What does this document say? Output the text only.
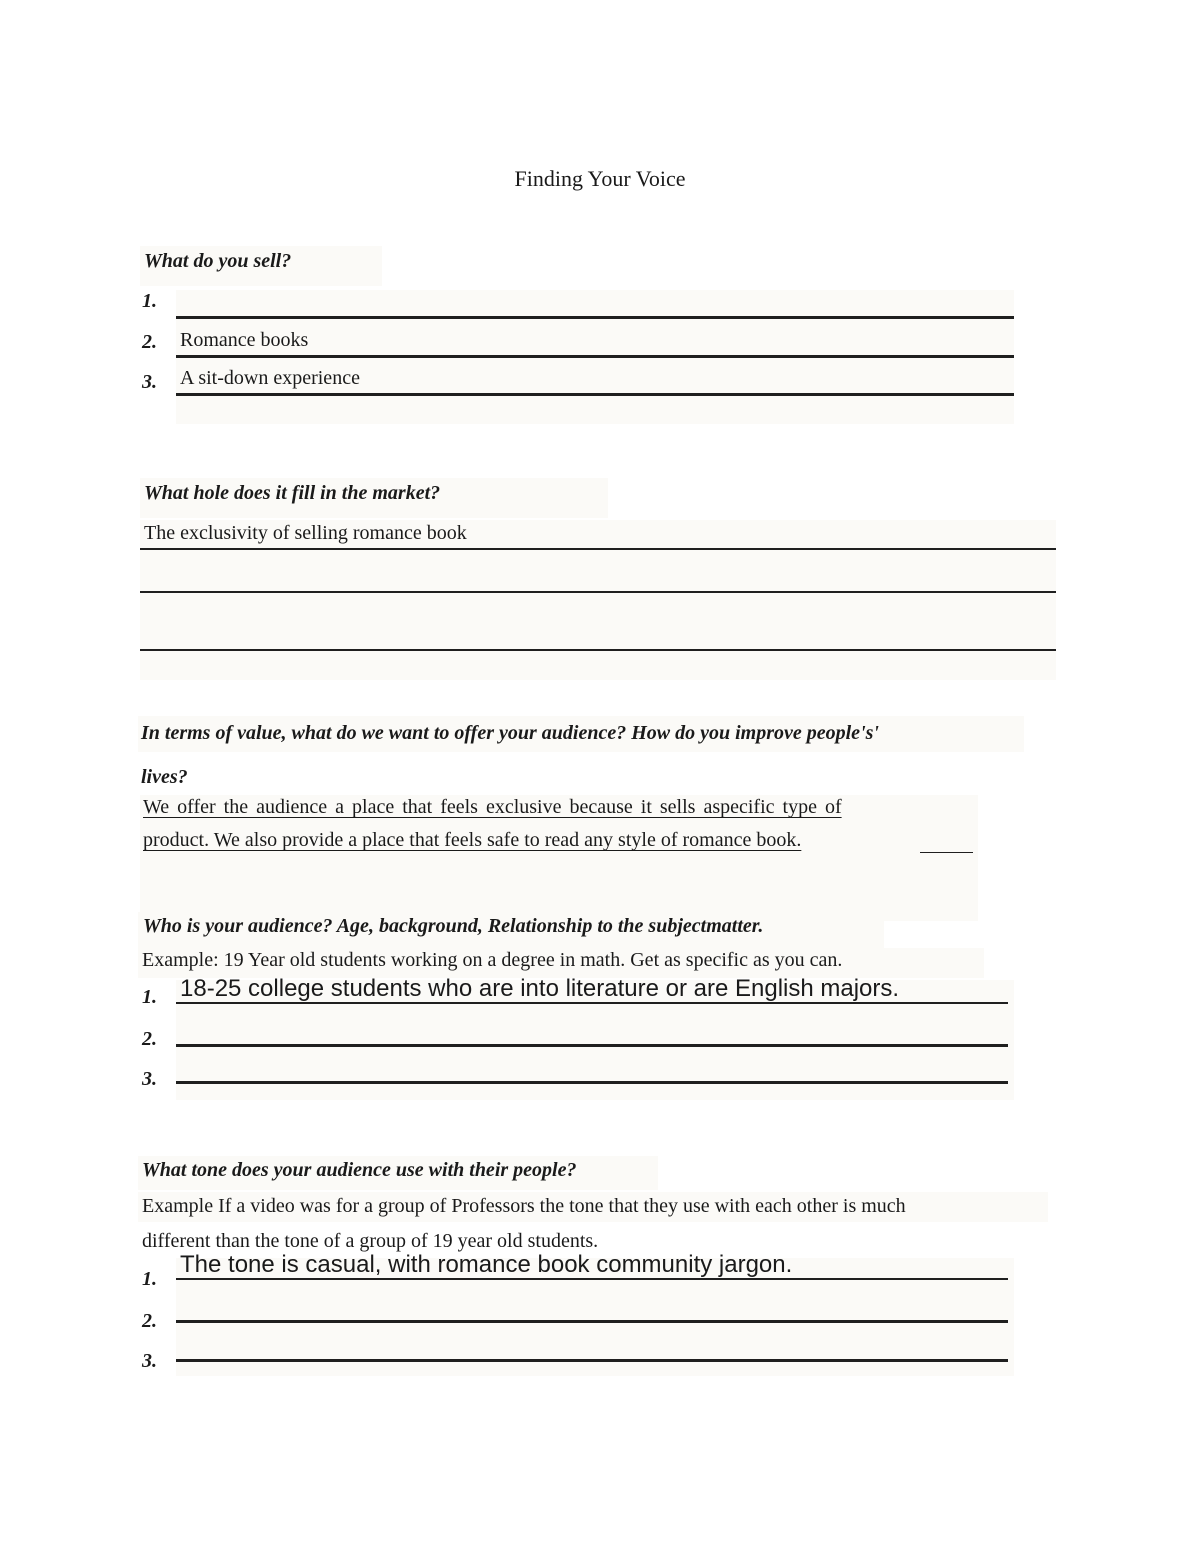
Finding Your Voice
What do you sell?
1.
2. Romance books
3. A sit-down experience
What hole does it fill in the market?
The exclusivity of selling romance book
In terms of value, what do we want to offer your audience? How do you improve people's'
lives?
We offer the audience a place that feels exclusive because it sells aspecific type of
product. We also provide a place that feels safe to read any style of romance book.
Who is your audience? Age, background, Relationship to the subjectmatter.
Example: 19 Year old students working on a degree in math. Get as specific as you can.
1. 18-25 college students who are into literature or are English majors.
2.
3.
What tone does your audience use with their people?
Example If a video was for a group of Professors the tone that they use with each other is much
different than the tone of a group of 19 year old students.
1.
The tone is casual, with romance book community jargon.
2.
3.
